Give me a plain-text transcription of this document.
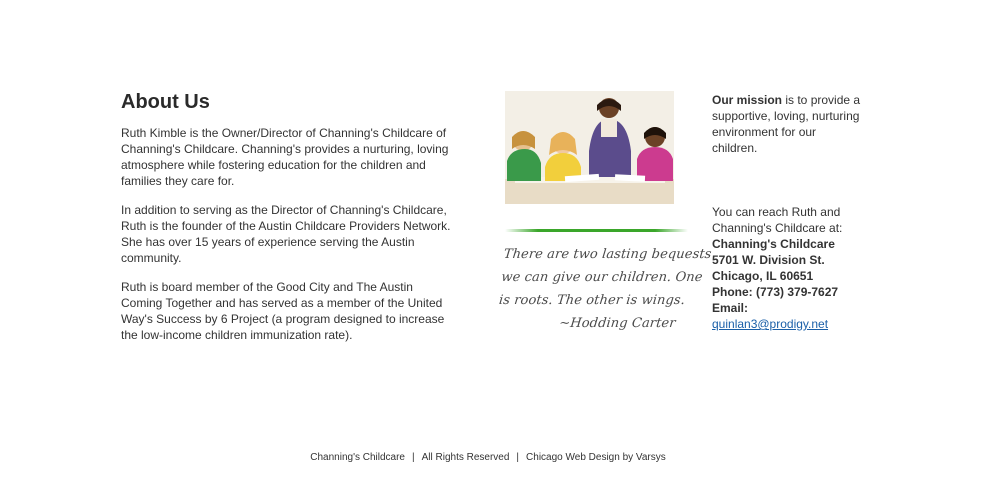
About Us

Ruth Kimble is the Owner/Director of Channing's Childcare of Channing's Childcare. Channing's provides a nurturing, loving atmosphere while fostering education for the children and families they care for.

In addition to serving as the Director of Channing's Childcare, Ruth is the founder of the Austin Childcare Providers Network. She has over 15 years of experience serving the Austin community.

Ruth is board member of the Good City and The Austin Coming Together and has served as a member of the United Way's Success by 6 Project (a program designed to increase the low-income children immunization rate).

There are two lasting bequests
we can give our children. One
is roots. The other is wings.
~Hodding Carter

Our mission is to provide a supportive, loving, nurturing environment for our children.

You can reach Ruth and Channing's Childcare at:

Channing's Childcare

5701 W. Division St.

Chicago, IL 60651

Phone: (773) 379-7627

Email:

quinlan3@prodigy.net

Channing's Childcare | All Rights Reserved | Chicago Web Design by Varsys
